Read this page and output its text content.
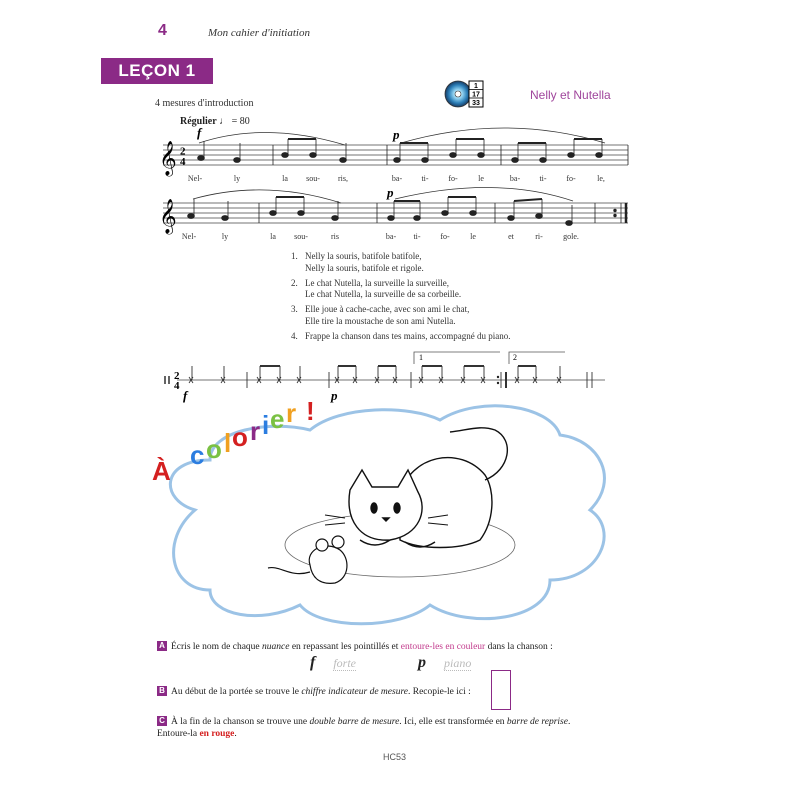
4	Mon cahier d'initiation
LEÇON 1
1
17
33
Nelly et Nutella
4 mesures d'introduction
Régulier ♩ = 80
𝄞 2
4
f	p
Nel-	ly	la sou- ris,	ba- ti- fo-	le	ba- ti- fo-	le,
𝄞
p
Nel-	ly	la sou-	ris	ba- ti- fo-	le	et	ri-	gole.
1. Nelly la souris, batifole batifole,
Nelly la souris, batifole et rigole.
2. Le chat Nutella, la surveille la surveille,
Le chat Nutella, la surveille de sa corbeille.
3. Elle joue à cache-cache, avec son ami le chat,
Elle tire la moustache de son ami Nutella.
4. Frappe la chanson dans tes mains, accompagné du piano.
2
4
f	p
1	2
À
c o l o r i e r !
A Écris le nom de chaque nuance en repassant les pointillés et entoure-les en couleur dans la chanson :
f forte	p piano
B Au début de la portée se trouve le chiffre indicateur de mesure. Recopie-le ici :
C À la fin de la chanson se trouve une double barre de mesure. Ici, elle est transformée en barre de reprise.
Entoure-la en rouge.
HC53
